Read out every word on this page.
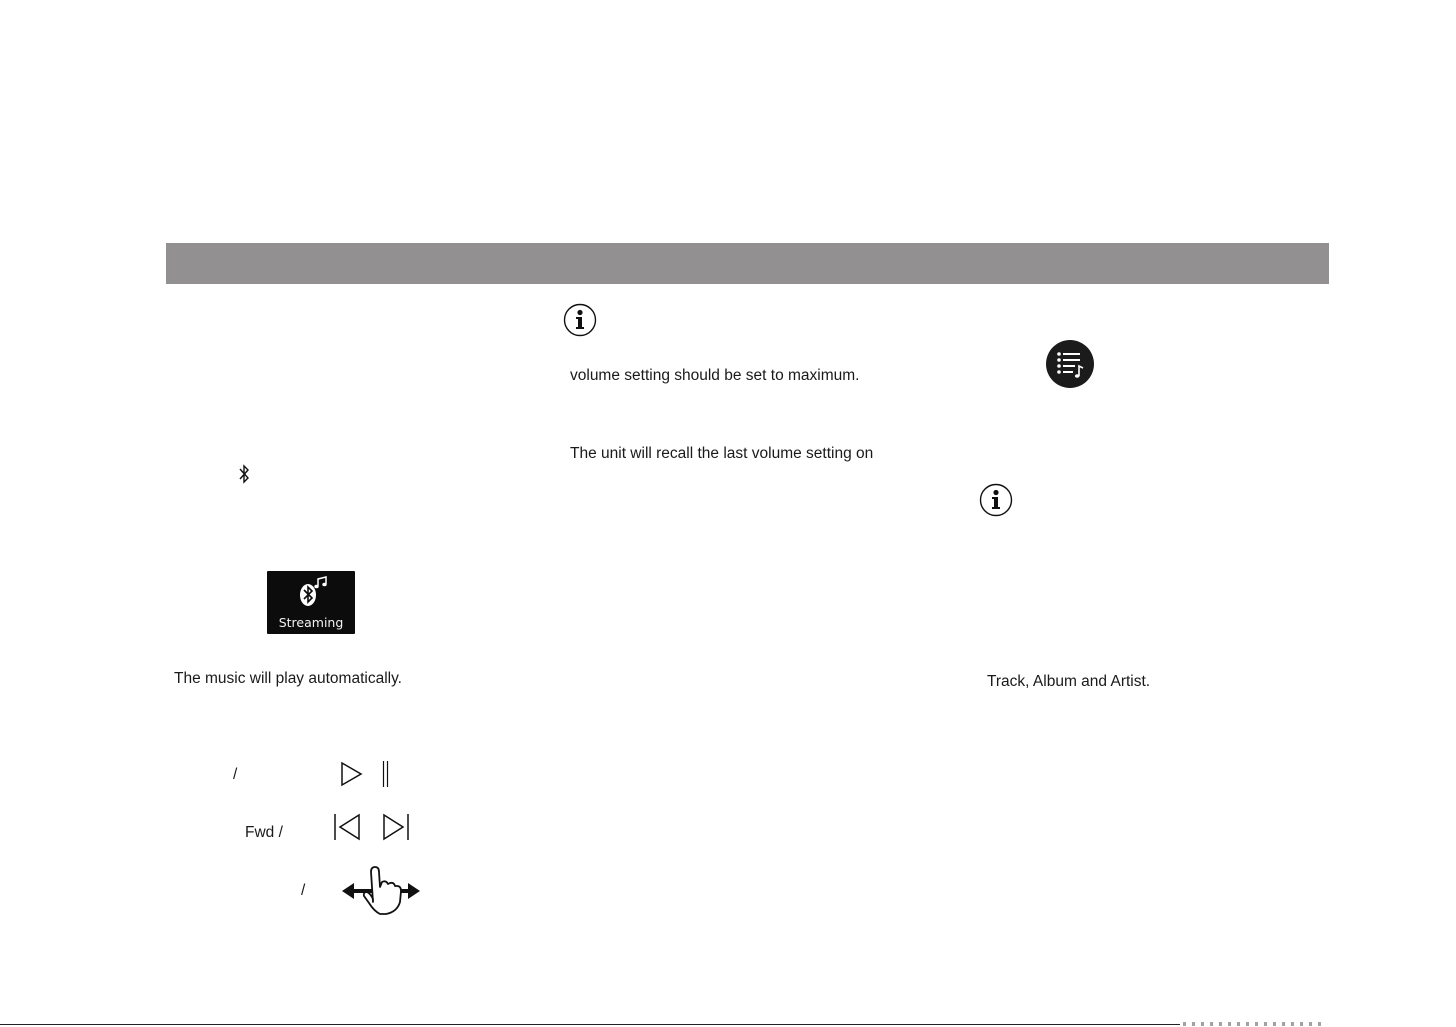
Streaming
The music will play automatically.
/
Fwd /
/
volume setting should be set to maximum.
The unit will recall the last volume setting on
Track, Album and Artist.
